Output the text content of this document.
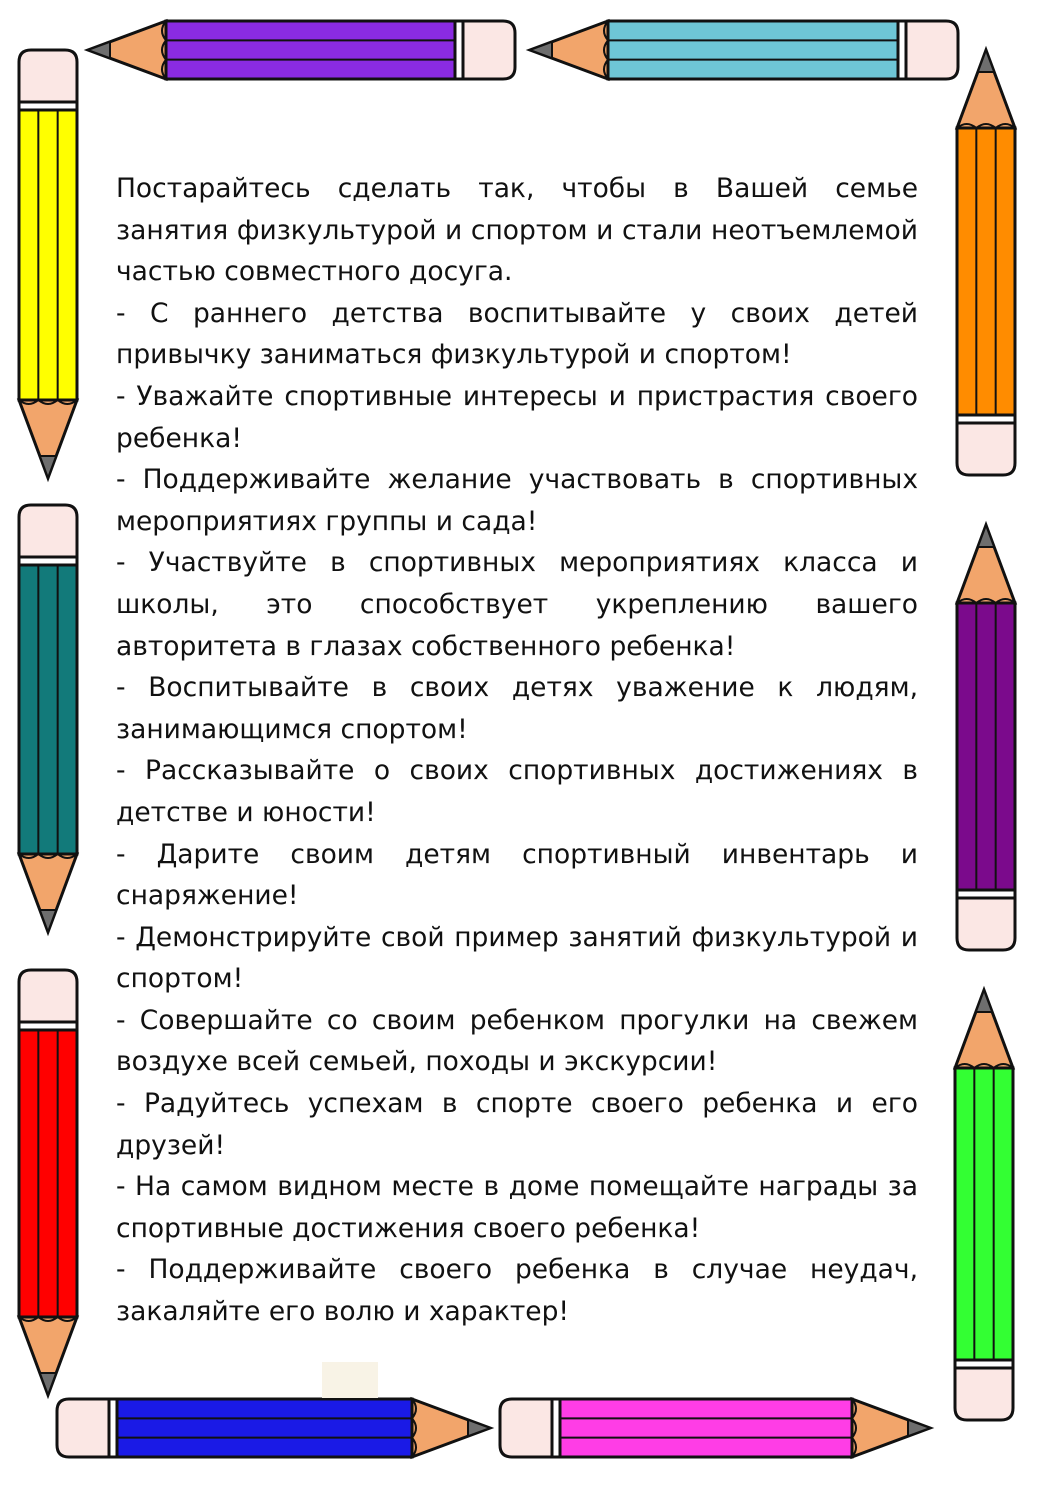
Постарайтесь сделать так, чтобы в Вашей семье занятия физкультурой и спортом и стали неотъемлемой частью совместного досуга.

- С раннего детства воспитывайте у своих детей привычку заниматься физкультурой и спортом!

- Уважайте спортивные интересы и пристрастия своего ребенка!

- Поддерживайте желание участвовать в спортивных мероприятиях группы и сада!

- Участвуйте в спортивных мероприятиях класса и школы, это способствует укреплению вашего авторитета в глазах собственного ребенка!

- Воспитывайте в своих детях уважение к людям, занимающимся спортом!

- Рассказывайте о своих спортивных достижениях в детстве и юности!

- Дарите своим детям спортивный инвентарь и снаряжение!

- Демонстрируйте свой пример занятий физкультурой и спортом!

- Совершайте со своим ребенком прогулки на свежем воздухе всей семьей, походы и экскурсии!

- Радуйтесь успехам в спорте своего ребенка и его друзей!

- На самом видном месте в доме помещайте награды за спортивные достижения своего ребенка!

- Поддерживайте своего ребенка в случае неудач, закаляйте его волю и характер!
